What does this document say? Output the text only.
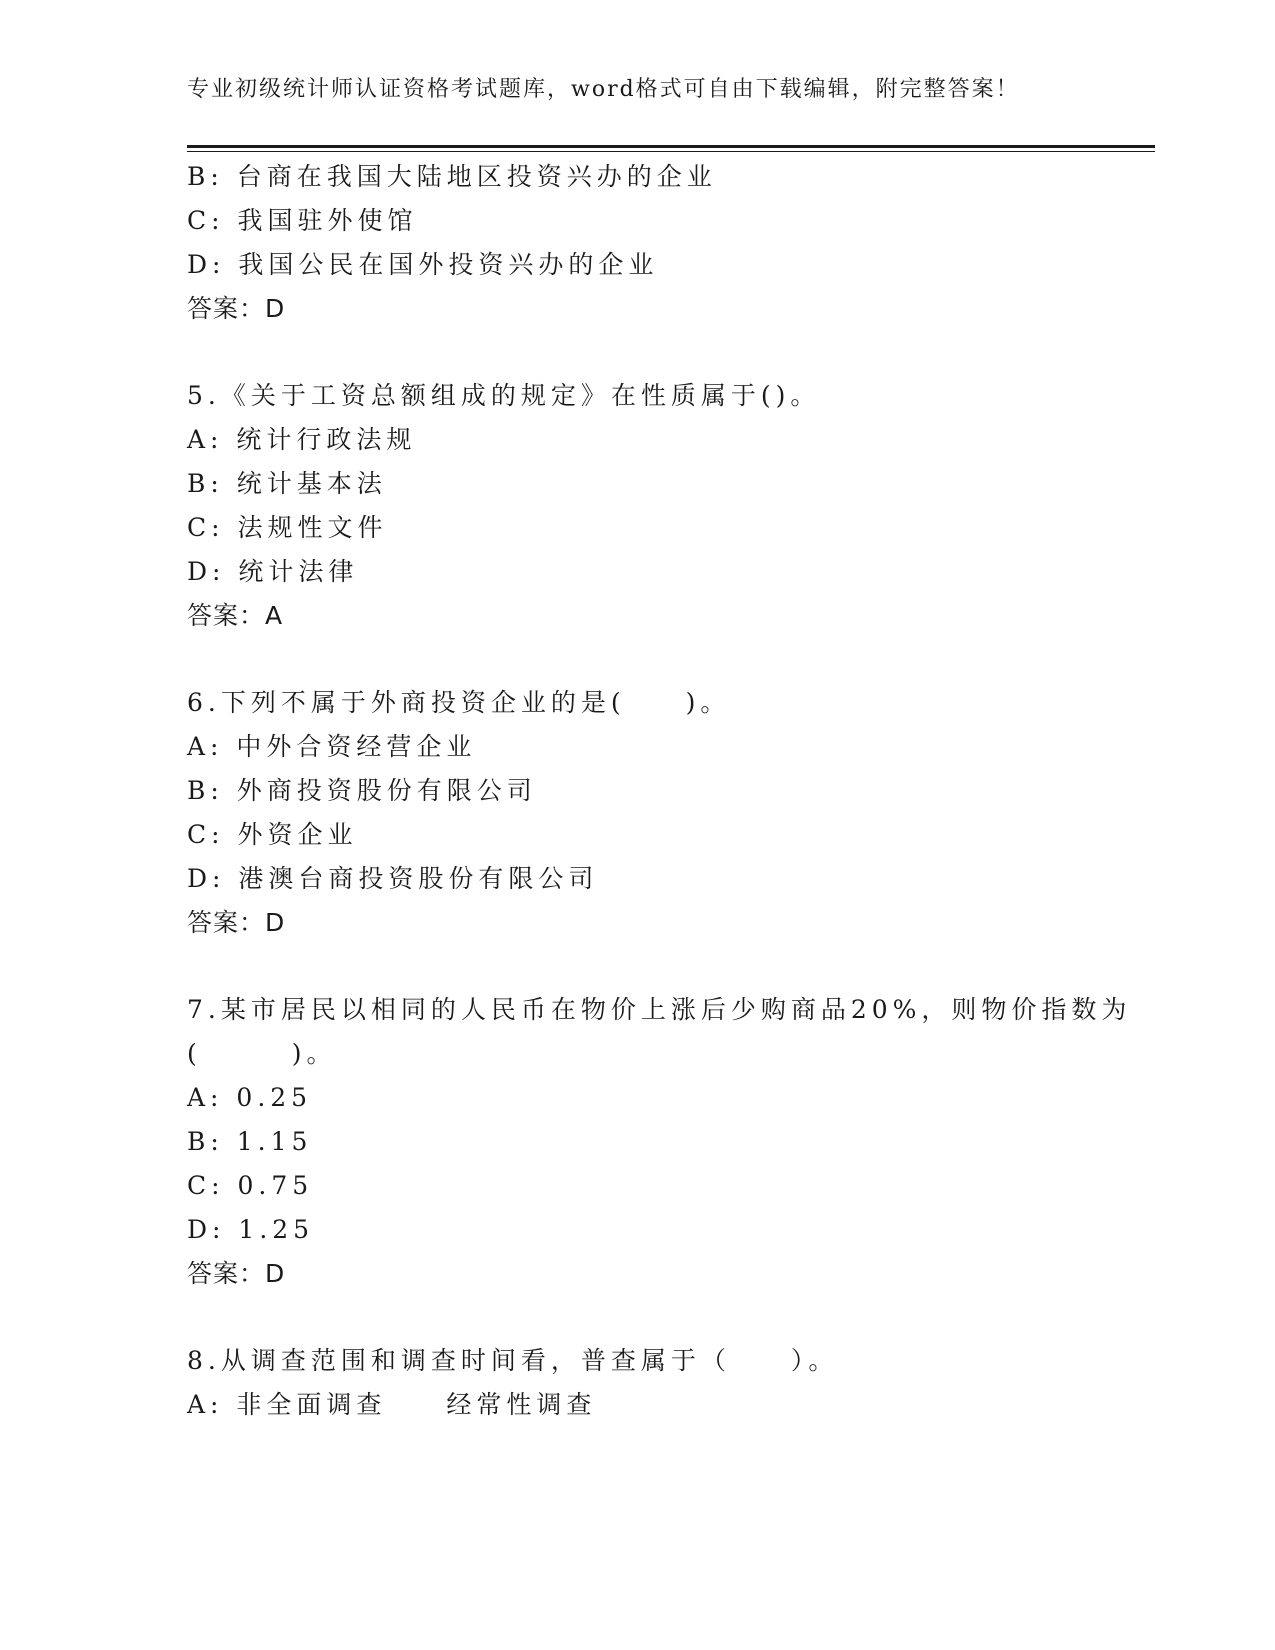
专业初级统计师认证资格考试题库，word格式可自由下载编辑，附完整答案！
B: 台商在我国大陆地区投资兴办的企业
C: 我国驻外使馆
D: 我国公民在国外投资兴办的企业
答案：D
5.《关于工资总额组成的规定》在性质属于()。
A: 统计行政法规
B: 统计基本法
C: 法规性文件
D: 统计法律
答案：A
6.下列不属于外商投资企业的是(　　)。
A: 中外合资经营企业
B: 外商投资股份有限公司
C: 外资企业
D: 港澳台商投资股份有限公司
答案：D
7.某市居民以相同的人民币在物价上涨后少购商品20%，则物价指数为
(　　　)。
A: 0.25
B: 1.15
C: 0.75
D: 1.25
答案：D
8.从调查范围和调查时间看，普查属于（　　）。
A: 非全面调查　　经常性调查
